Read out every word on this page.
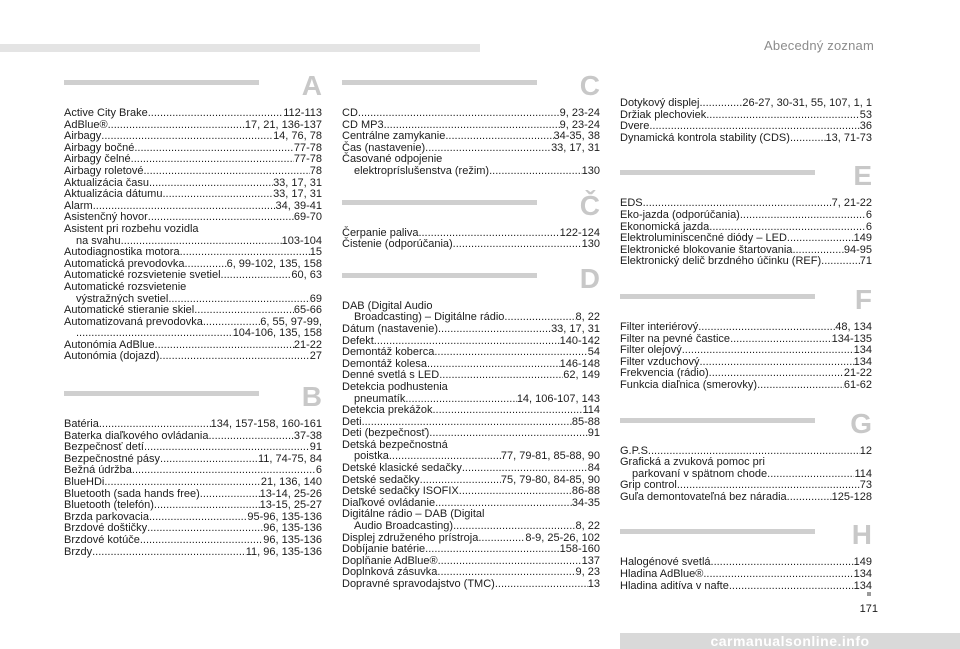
Abecedný zoznam
A
Active City Brake .....	112-113
AdBlue® .....	17, 21, 136-137
Airbagy .....	14, 76, 78
Airbagy bočné .....	77-78
Airbagy čelné .....	77-78
Airbagy roletové .....	78
Aktualizácia času .....	33, 17, 31
Aktualizácia dátumu .....	33, 17, 31
Alarm .....	34, 39-41
Asistenčný hovor .....	69-70
Asistent pri rozbehu vozidla
na svahu .....	103-104
Autodiagnostika motora .....	15
Automatická prevodovka .....	6, 99-102, 135, 158
Automatické rozsvietenie svetiel .....	60, 63
Automatické rozsvietenie
výstražných svetiel .....	69
Automatické stieranie skiel .....	65-66
Automatizovaná prevodovka .....	6, 55, 97-99,
.....
104-106, 135, 158
Autonómia AdBlue .....	21-22
Autonómia (dojazd) .....	27
B
Batéria .....	134, 157-158, 160-161
Baterka diaľkového ovládania .....	37-38
Bezpečnosť detí .....	91
Bezpečnostné pásy .....	11, 74-75, 84
Bežná údržba .....	6
BlueHDi .....	21, 136, 140
Bluetooth (sada hands free) .....	13-14, 25-26
Bluetooth (telefón) .....	13-15, 25-27
Brzda parkovacia .....	95-96, 135-136
Brzdové doštičky .....	96, 135-136
Brzdové kotúče .....	96, 135-136
Brzdy .....	11, 96, 135-136
C
CD .....	9, 23-24
CD MP3 .....	9, 23-24
Centrálne zamykanie .....	34-35, 38
Čas (nastavenie) .....	33, 17, 31
Časované odpojenie
elektropríslušenstva (režim) .....	130
Č
Čerpanie paliva .....	122-124
Čistenie (odporúčania) .....	130
D
DAB (Digital Audio
Broadcasting) – Digitálne rádio .....	8, 22
Dátum (nastavenie) .....	33, 17, 31
Defekt .....	140-142
Demontáž koberca .....	54
Demontáž kolesa .....	146-148
Denné svetlá s LED .....	62, 149
Detekcia podhustenia
pneumatík .....	14, 106-107, 143
Detekcia prekážok .....	114
Deti .....	85-88
Deti (bezpečnosť) .....	91
Detská bezpečnostná
poistka .....	77, 79-81, 85-88, 90
Detské klasické sedačky .....	84
Detské sedačky .....	75, 79-80, 84-85, 90
Detské sedačky ISOFIX .....	86-88
Diaľkové ovládanie .....	34-35
Digitálne rádio – DAB (Digital
Audio Broadcasting) .....	8, 22
Displej združeného prístroja .....	8-9, 25-26, 102
Dobíjanie batérie .....	158-160
Doplňanie AdBlue® .....	137
Doplnková zásuvka .....	9, 23
Dopravné spravodajstvo (TMC) .....	13
Dotykový displej .....	26-27, 30-31, 55, 107, 1, 1
Držiak plechoviek .....	53
Dvere .....	36
Dynamická kontrola stability (CDS) .....	13, 71-73
E
EDS .....	7, 21-22
Eko-jazda (odporúčania) .....	6
Ekonomická jazda .....	6
Elektroluminiscenčné diódy – LED .....	149
Elektronické blokovanie štartovania .....	94-95
Elektronický delič brzdného účinku (REF) .....	71
F
Filter interiérový .....	48, 134
Filter na pevné častice .....	134-135
Filter olejový .....	134
Filter vzduchový .....	134
Frekvencia (rádio) .....	21-22
Funkcia diaľnica (smerovky) .....	61-62
G
G.P.S. .....	12
Grafická a zvuková pomoc pri
parkovaní v spätnom chode .....	114
Grip control .....	73
Guľa demontovateľná bez náradia .....	125-128
H
Halogénové svetlá .....	149
Hladina AdBlue® .....	134
Hladina aditíva v nafte .....	134
171
carmanualsonline.info
